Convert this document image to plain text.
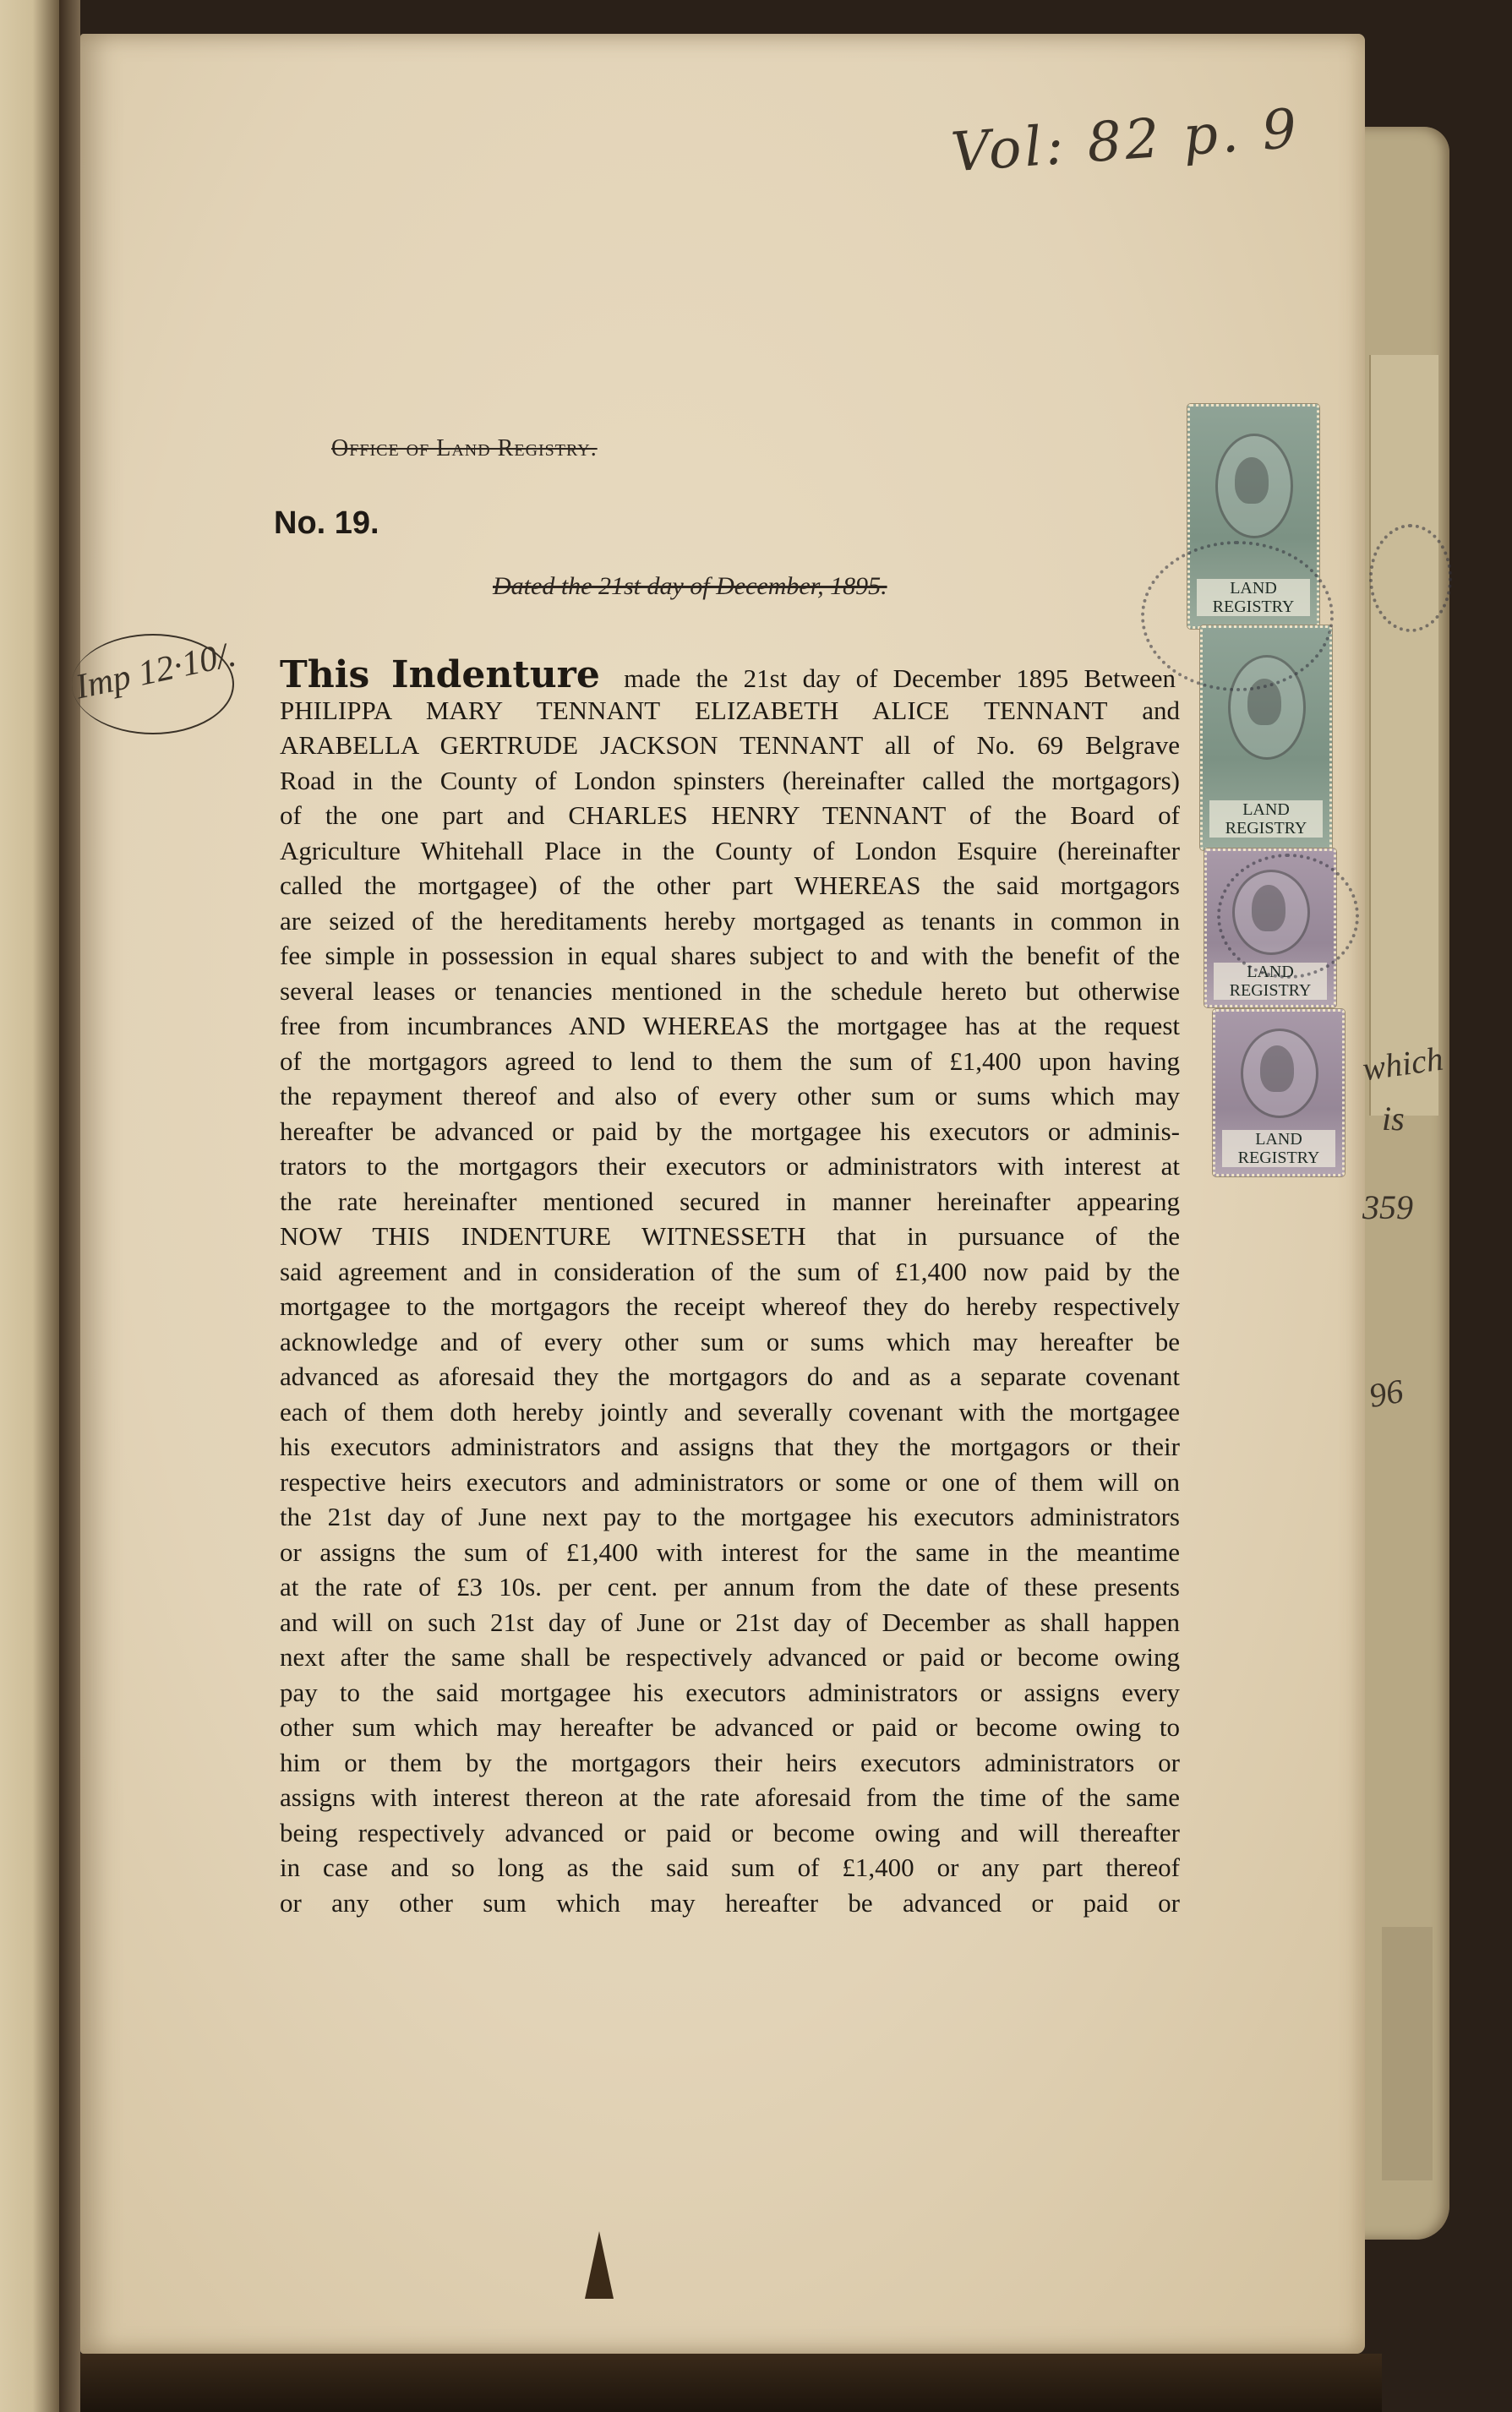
Vol: 82 p. 9
Office of Land Registry.
No. 19.
Dated the 21st day of December, 1895.
Imp 12·10/.
which
is
359
96
LAND REGISTRY
LAND REGISTRY
LAND REGISTRY
LAND REGISTRY
This Indenture made the 21st day of December 1895 Between
PHILIPPA MARY TENNANT ELIZABETH ALICE TENNANT and
ARABELLA GERTRUDE JACKSON TENNANT all of No. 69 Belgrave
Road in the County of London spinsters (hereinafter called the mortgagors)
of the one part and CHARLES HENRY TENNANT of the Board of
Agriculture Whitehall Place in the County of London Esquire (hereinafter
called the mortgagee) of the other part WHEREAS the said mortgagors
are seized of the hereditaments hereby mortgaged as tenants in common in
fee simple in possession in equal shares subject to and with the benefit of the
several leases or tenancies mentioned in the schedule hereto but otherwise
free from incumbrances AND WHEREAS the mortgagee has at the request
of the mortgagors agreed to lend to them the sum of £1,400 upon having
the repayment thereof and also of every other sum or sums which may
hereafter be advanced or paid by the mortgagee his executors or adminis-
trators to the mortgagors their executors or administrators with interest at
the rate hereinafter mentioned secured in manner hereinafter appearing
NOW THIS INDENTURE WITNESSETH that in pursuance of the
said agreement and in consideration of the sum of £1,400 now paid by the
mortgagee to the mortgagors the receipt whereof they do hereby respectively
acknowledge and of every other sum or sums which may hereafter be
advanced as aforesaid they the mortgagors do and as a separate covenant
each of them doth hereby jointly and severally covenant with the mortgagee
his executors administrators and assigns that they the mortgagors or their
respective heirs executors and administrators or some or one of them will on
the 21st day of June next pay to the mortgagee his executors administrators
or assigns the sum of £1,400 with interest for the same in the meantime
at the rate of £3 10s. per cent. per annum from the date of these presents
and will on such 21st day of June or 21st day of December as shall happen
next after the same shall be respectively advanced or paid or become owing
pay to the said mortgagee his executors administrators or assigns every
other sum which may hereafter be advanced or paid or become owing to
him or them by the mortgagors their heirs executors administrators or
assigns with interest thereon at the rate aforesaid from the time of the same
being respectively advanced or paid or become owing and will thereafter
in case and so long as the said sum of £1,400 or any part thereof
or any other sum which may hereafter be advanced or paid or
